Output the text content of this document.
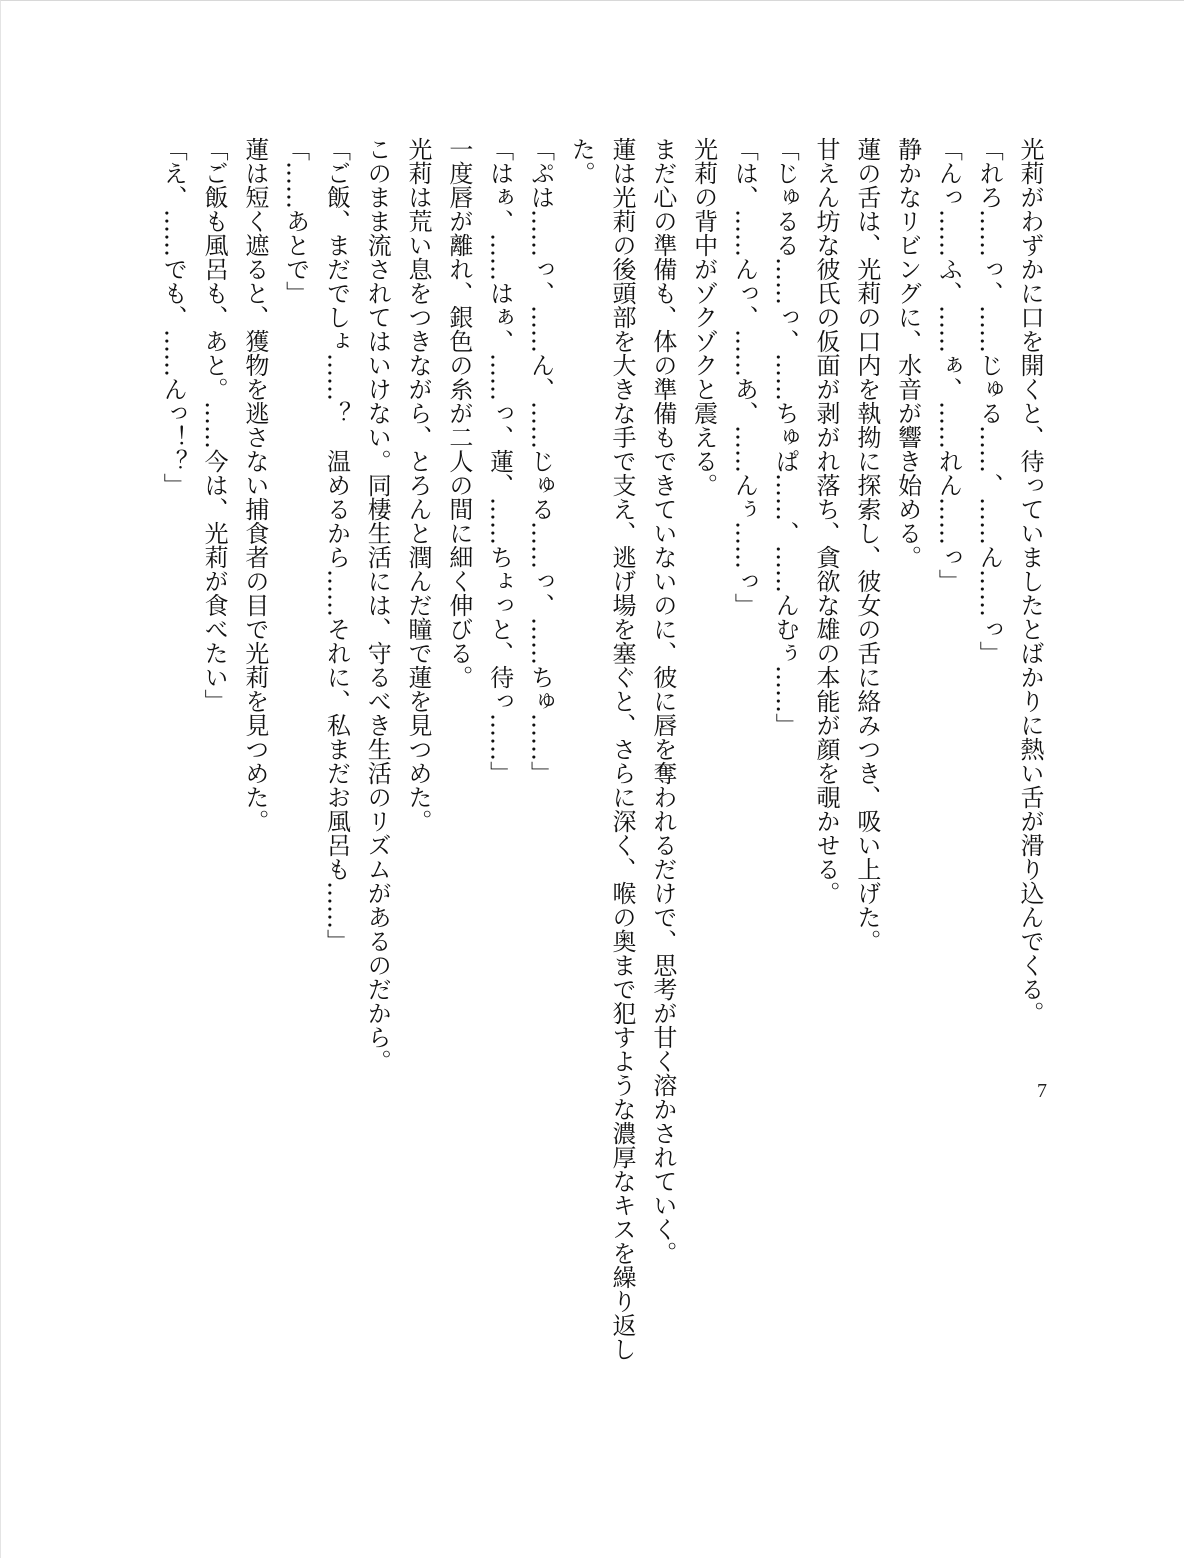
光莉がわずかに口を開くと、待っていましたとばかりに熱い舌が滑り込んでくる。
「れろ……っ、……じゅる……、……ん……っ」
「んっ……ふ、……ぁ、……れん……っ」
静かなリビングに、水音が響き始める。
蓮の舌は、光莉の口内を執拗に探索し、彼女の舌に絡みつき、吸い上げた。
甘えん坊な彼氏の仮面が剥がれ落ち、貪欲な雄の本能が顔を覗かせる。
「じゅるる……っ、……ちゅぱ……、……んむぅ……」
「は、……んっ、……あ、……んぅ……っ」
光莉の背中がゾクゾクと震える。
まだ心の準備も、体の準備もできていないのに、彼に唇を奪われるだけで、思考が甘く溶かされていく。
蓮は光莉の後頭部を大きな手で支え、逃げ場を塞ぐと、さらに深く、喉の奥まで犯すような濃厚なキスを繰り返し
た。
「ぷは……っ、……ん、……じゅる……っ、……ちゅ……」
「はぁ、……はぁ、……っ、蓮、……ちょっと、待っ……」
一度唇が離れ、銀色の糸が二人の間に細く伸びる。
光莉は荒い息をつきながら、とろんと潤んだ瞳で蓮を見つめた。
このまま流されてはいけない。同棲生活には、守るべき生活のリズムがあるのだから。
「ご飯、まだでしょ……？　温めるから……それに、私まだお風呂も……」
「……あとで」
蓮は短く遮ると、獲物を逃さない捕食者の目で光莉を見つめた。
「ご飯も風呂も、あと。……今は、光莉が食べたい」
「え、……でも、……んっ！？」
7
